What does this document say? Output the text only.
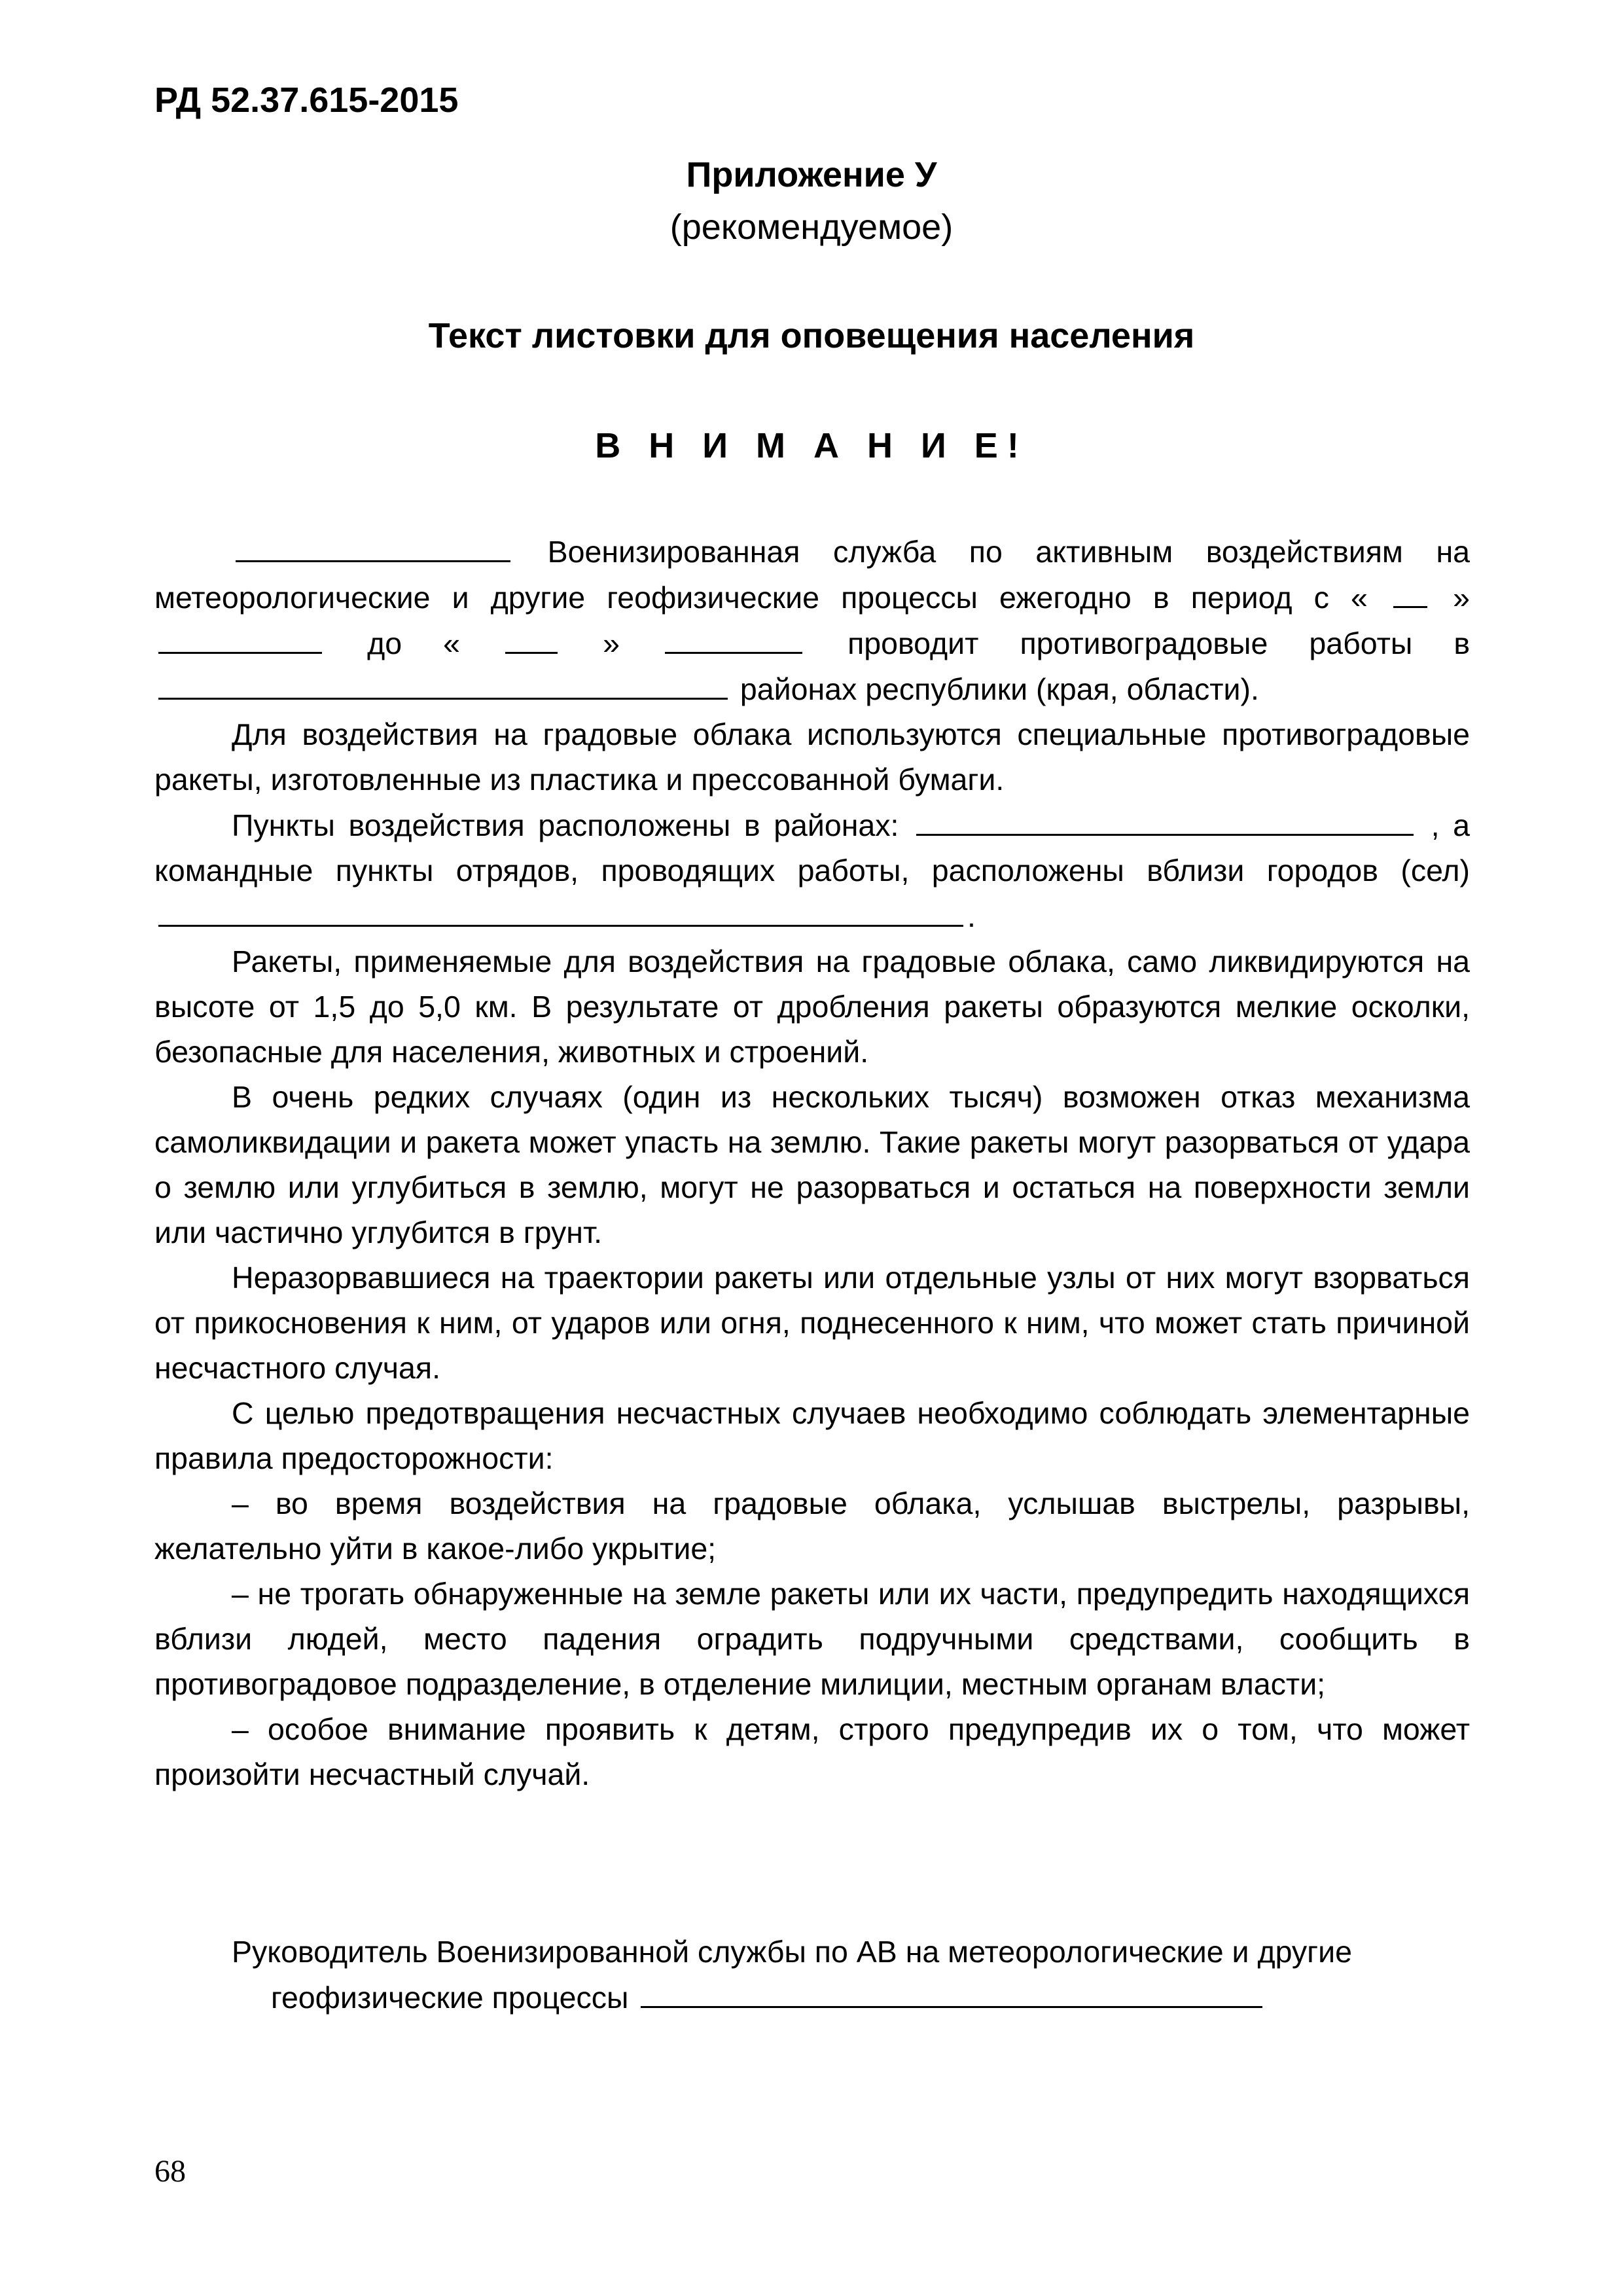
РД 52.37.615-2015
Приложение У
(рекомендуемое)
Текст листовки для оповещения населения
В Н И М А Н И Е!

Военизированная служба по активным воздействиям на метеорологические и другие геофизические процессы ежегодно в период с «	»  до «	»	проводит противоградовые работы в  районах республики (края, области).

Для воздействия на градовые облака используются специальные противоградовые ракеты, изготовленные из пластика и прессованной бумаги.

Пункты воздействия расположены в районах:	, а командные пункты отрядов, проводящих работы, расположены вблизи городов (сел) .

Ракеты, применяемые для воздействия на градовые облака, само ликвидируются на высоте от 1,5 до 5,0 км. В результате от дробления ракеты образуются мелкие осколки, безопасные для населения, животных и строений.

В очень редких случаях (один из нескольких тысяч) возможен отказ механизма самоликвидации и ракета может упасть на землю. Такие ракеты могут разорваться от удара о землю или углубиться в землю, могут не разорваться и остаться на поверхности земли или частично углубится в грунт.

Неразорвавшиеся на траектории ракеты или отдельные узлы от них могут взорваться от прикосновения к ним, от ударов или огня, поднесенного к ним, что может стать причиной несчастного случая.

С целью предотвращения несчастных случаев необходимо соблюдать элементарные правила предосторожности:

– во время воздействия на градовые облака, услышав выстрелы, разрывы, желательно уйти в какое-либо укрытие;

– не трогать обнаруженные на земле ракеты или их части, предупредить находящихся вблизи людей, место падения оградить подручными средствами, сообщить в противоградовое подразделение, в отделение милиции, местным органам власти;

– особое внимание проявить к детям, строго предупредив их о том, что может произойти несчастный случай.

Руководитель Военизированной службы по АВ на метеорологические и другие
геофизические процессы
68
